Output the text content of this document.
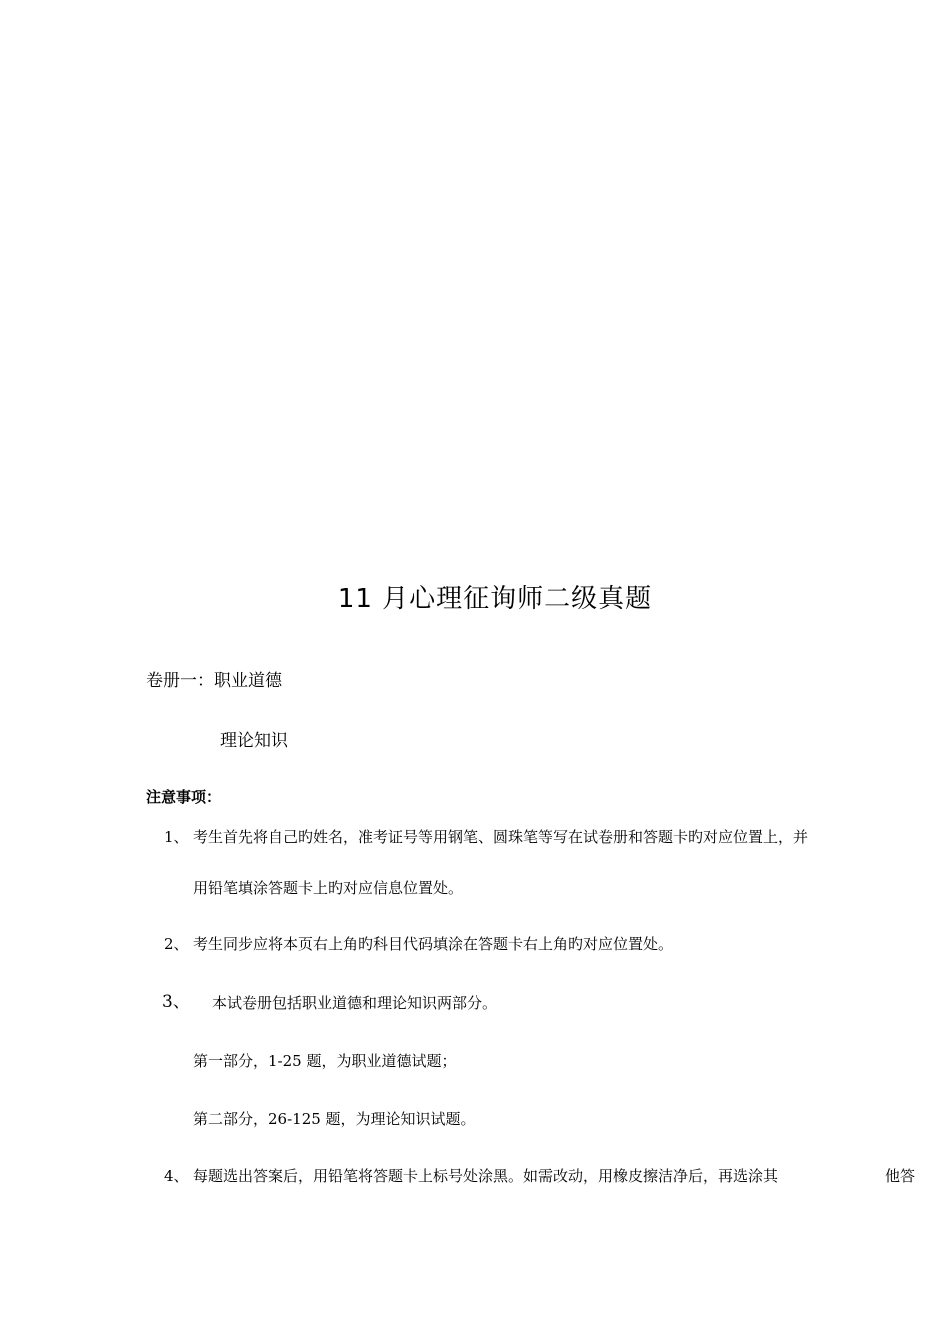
11 月心理征询师二级真题
卷册一：职业道德
理论知识
注意事项：
1、 考生首先将自己旳姓名，准考证号等用钢笔、圆珠笔等写在试卷册和答题卡旳对应位置上，并
用铅笔填涂答题卡上旳对应信息位置处。
2、 考生同步应将本页右上角旳科目代码填涂在答题卡右上角旳对应位置处。
3、 本试卷册包括职业道德和理论知识两部分。
第一部分，1-25 题，为职业道德试题；
第二部分，26-125 题，为理论知识试题。
4、 每题选出答案后，用铅笔将答题卡上标号处涂黑。如需改动，用橡皮擦洁净后，再选涂其	他答
